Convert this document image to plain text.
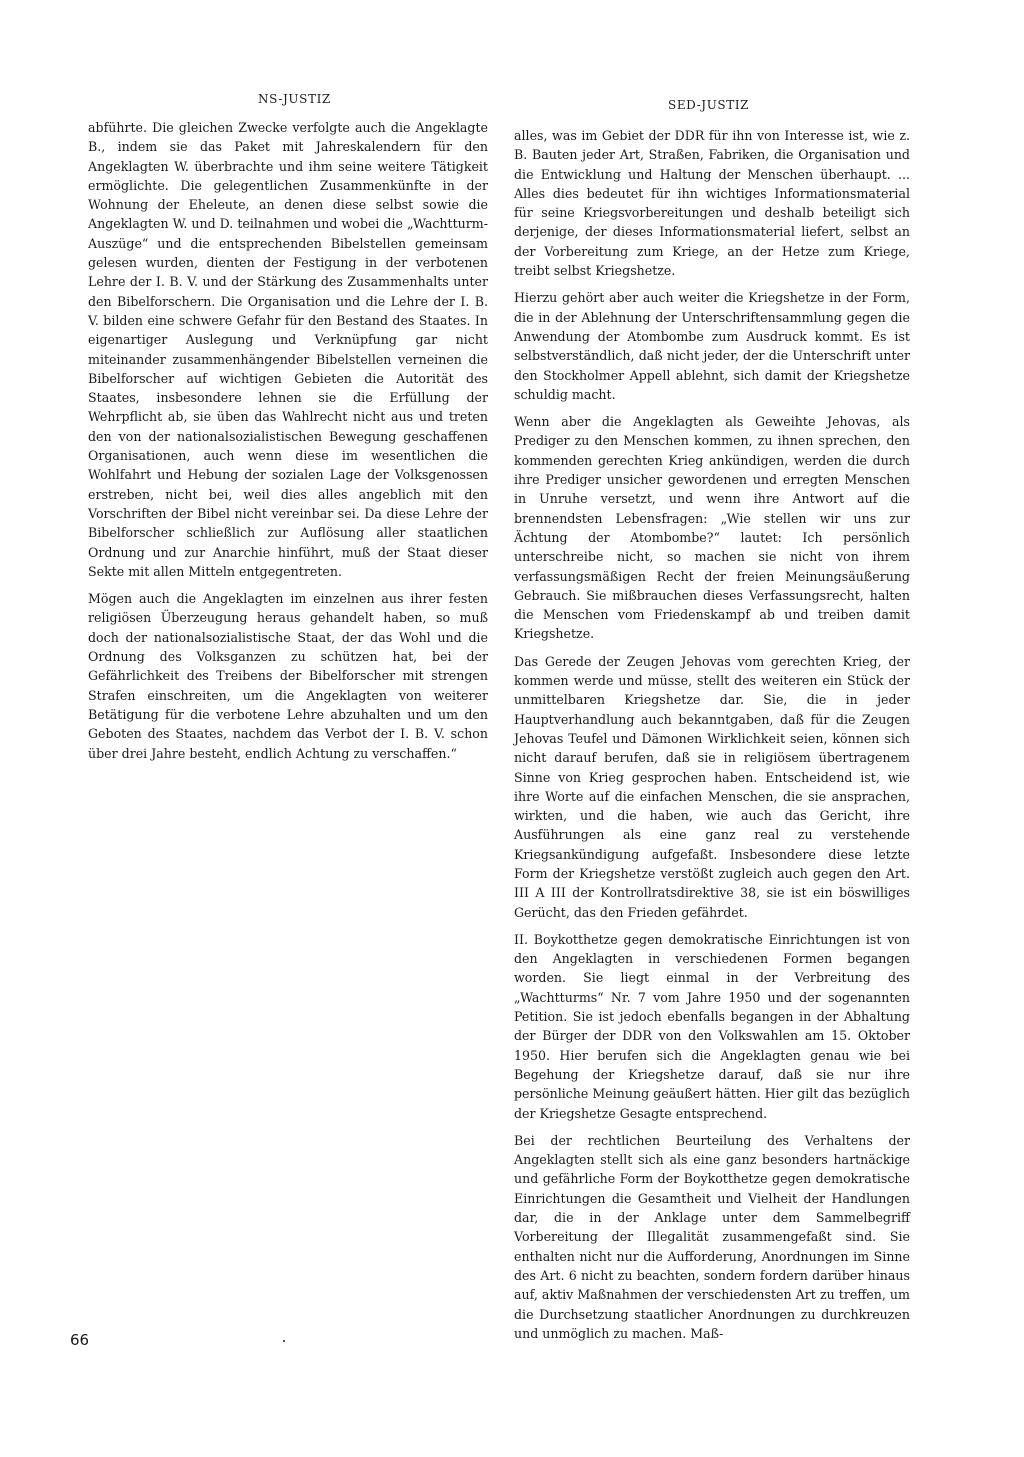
NS-JUSTIZ	SED-JUSTIZ

abführte. Die gleichen Zwecke verfolgte auch die Angeklagte B., indem sie das Paket mit Jahreskalendern für den Angeklagten W. überbrachte und ihm seine weitere Tätigkeit ermöglichte. Die gelegentlichen Zusammenkünfte in der Wohnung der Eheleute, an denen diese selbst sowie die Angeklagten W. und D. teilnahmen und wobei die „Wachtturm-Auszüge“ und die entsprechenden Bibelstellen gemeinsam gelesen wurden, dienten der Festigung in der verbotenen Lehre der I. B. V. und der Stärkung des Zusammenhalts unter den Bibelforschern. Die Organisation und die Lehre der I. B. V. bilden eine schwere Gefahr für den Bestand des Staates. In eigenartiger Auslegung und Verknüpfung gar nicht miteinander zusammenhängender Bibelstellen verneinen die Bibelforscher auf wichtigen Gebieten die Autorität des Staates, insbesondere lehnen sie die Erfüllung der Wehrpflicht ab, sie üben das Wahlrecht nicht aus und treten den von der nationalsozialistischen Bewegung geschaffenen Organisationen, auch wenn diese im wesentlichen die Wohlfahrt und Hebung der sozialen Lage der Volksgenossen erstreben, nicht bei, weil dies alles angeblich mit den Vorschriften der Bibel nicht vereinbar sei. Da diese Lehre der Bibelforscher schließlich zur Auflösung aller staatlichen Ordnung und zur Anarchie hinführt, muß der Staat dieser Sekte mit allen Mitteln entgegentreten.

Mögen auch die Angeklagten im einzelnen aus ihrer festen religiösen Überzeugung heraus gehandelt haben, so muß doch der nationalsozialistische Staat, der das Wohl und die Ordnung des Volksganzen zu schützen hat, bei der Gefährlichkeit des Treibens der Bibelforscher mit strengen Strafen einschreiten, um die Angeklagten von weiterer Betätigung für die verbotene Lehre abzuhalten und um den Geboten des Staates, nachdem das Verbot der I. B. V. schon über drei Jahre besteht, endlich Achtung zu verschaffen.“

alles, was im Gebiet der DDR für ihn von Interesse ist, wie z. B. Bauten jeder Art, Straßen, Fabriken, die Organisation und die Entwicklung und Haltung der Menschen überhaupt. ... Alles dies bedeutet für ihn wichtiges Informationsmaterial für seine Kriegsvorbereitungen und deshalb beteiligt sich derjenige, der dieses Informationsmaterial liefert, selbst an der Vorbereitung zum Kriege, an der Hetze zum Kriege, treibt selbst Kriegshetze.

Hierzu gehört aber auch weiter die Kriegshetze in der Form, die in der Ablehnung der Unterschriftensammlung gegen die Anwendung der Atombombe zum Ausdruck kommt. Es ist selbstverständlich, daß nicht jeder, der die Unterschrift unter den Stockholmer Appell ablehnt, sich damit der Kriegshetze schuldig macht.

Wenn aber die Angeklagten als Geweihte Jehovas, als Prediger zu den Menschen kommen, zu ihnen sprechen, den kommenden gerechten Krieg ankündigen, werden die durch ihre Prediger unsicher gewordenen und erregten Menschen in Unruhe versetzt, und wenn ihre Antwort auf die brennendsten Lebensfragen: „Wie stellen wir uns zur Ächtung der Atombombe?“ lautet: Ich persönlich unterschreibe nicht, so machen sie nicht von ihrem verfassungsmäßigen Recht der freien Meinungsäußerung Gebrauch. Sie mißbrauchen dieses Verfassungsrecht, halten die Menschen vom Friedenskampf ab und treiben damit Kriegshetze.

Das Gerede der Zeugen Jehovas vom gerechten Krieg, der kommen werde und müsse, stellt des weiteren ein Stück der unmittelbaren Kriegshetze dar. Sie, die in jeder Hauptverhandlung auch bekanntgaben, daß für die Zeugen Jehovas Teufel und Dämonen Wirklichkeit seien, können sich nicht darauf berufen, daß sie in religiösem übertragenem Sinne von Krieg gesprochen haben. Entscheidend ist, wie ihre Worte auf die einfachen Menschen, die sie ansprachen, wirkten, und die haben, wie auch das Gericht, ihre Ausführungen als eine ganz real zu verstehende Kriegsankündigung aufgefaßt. Insbesondere diese letzte Form der Kriegshetze verstößt zugleich auch gegen den Art. III A III der Kontrollratsdirektive 38, sie ist ein böswilliges Gerücht, das den Frieden gefährdet.

II. Boykotthetze gegen demokratische Einrichtungen ist von den Angeklagten in verschiedenen Formen begangen worden. Sie liegt einmal in der Verbreitung des „Wachtturms“ Nr. 7 vom Jahre 1950 und der sogenannten Petition. Sie ist jedoch ebenfalls begangen in der Abhaltung der Bürger der DDR von den Volkswahlen am 15. Oktober 1950. Hier berufen sich die Angeklagten genau wie bei Begehung der Kriegshetze darauf, daß sie nur ihre persönliche Meinung geäußert hätten. Hier gilt das bezüglich der Kriegshetze Gesagte entsprechend.

Bei der rechtlichen Beurteilung des Verhaltens der Angeklagten stellt sich als eine ganz besonders hartnäckige und gefährliche Form der Boykotthetze gegen demokratische Einrichtungen die Gesamtheit und Vielheit der Handlungen dar, die in der Anklage unter dem Sammelbegriff Vorbereitung der Illegalität zusammengefaßt sind. Sie enthalten nicht nur die Aufforderung, Anordnungen im Sinne des Art. 6 nicht zu beachten, sondern fordern darüber hinaus auf, aktiv Maßnahmen der verschiedensten Art zu treffen, um die Durchsetzung staatlicher Anordnungen zu durchkreuzen und unmöglich zu machen. Maß-

66
